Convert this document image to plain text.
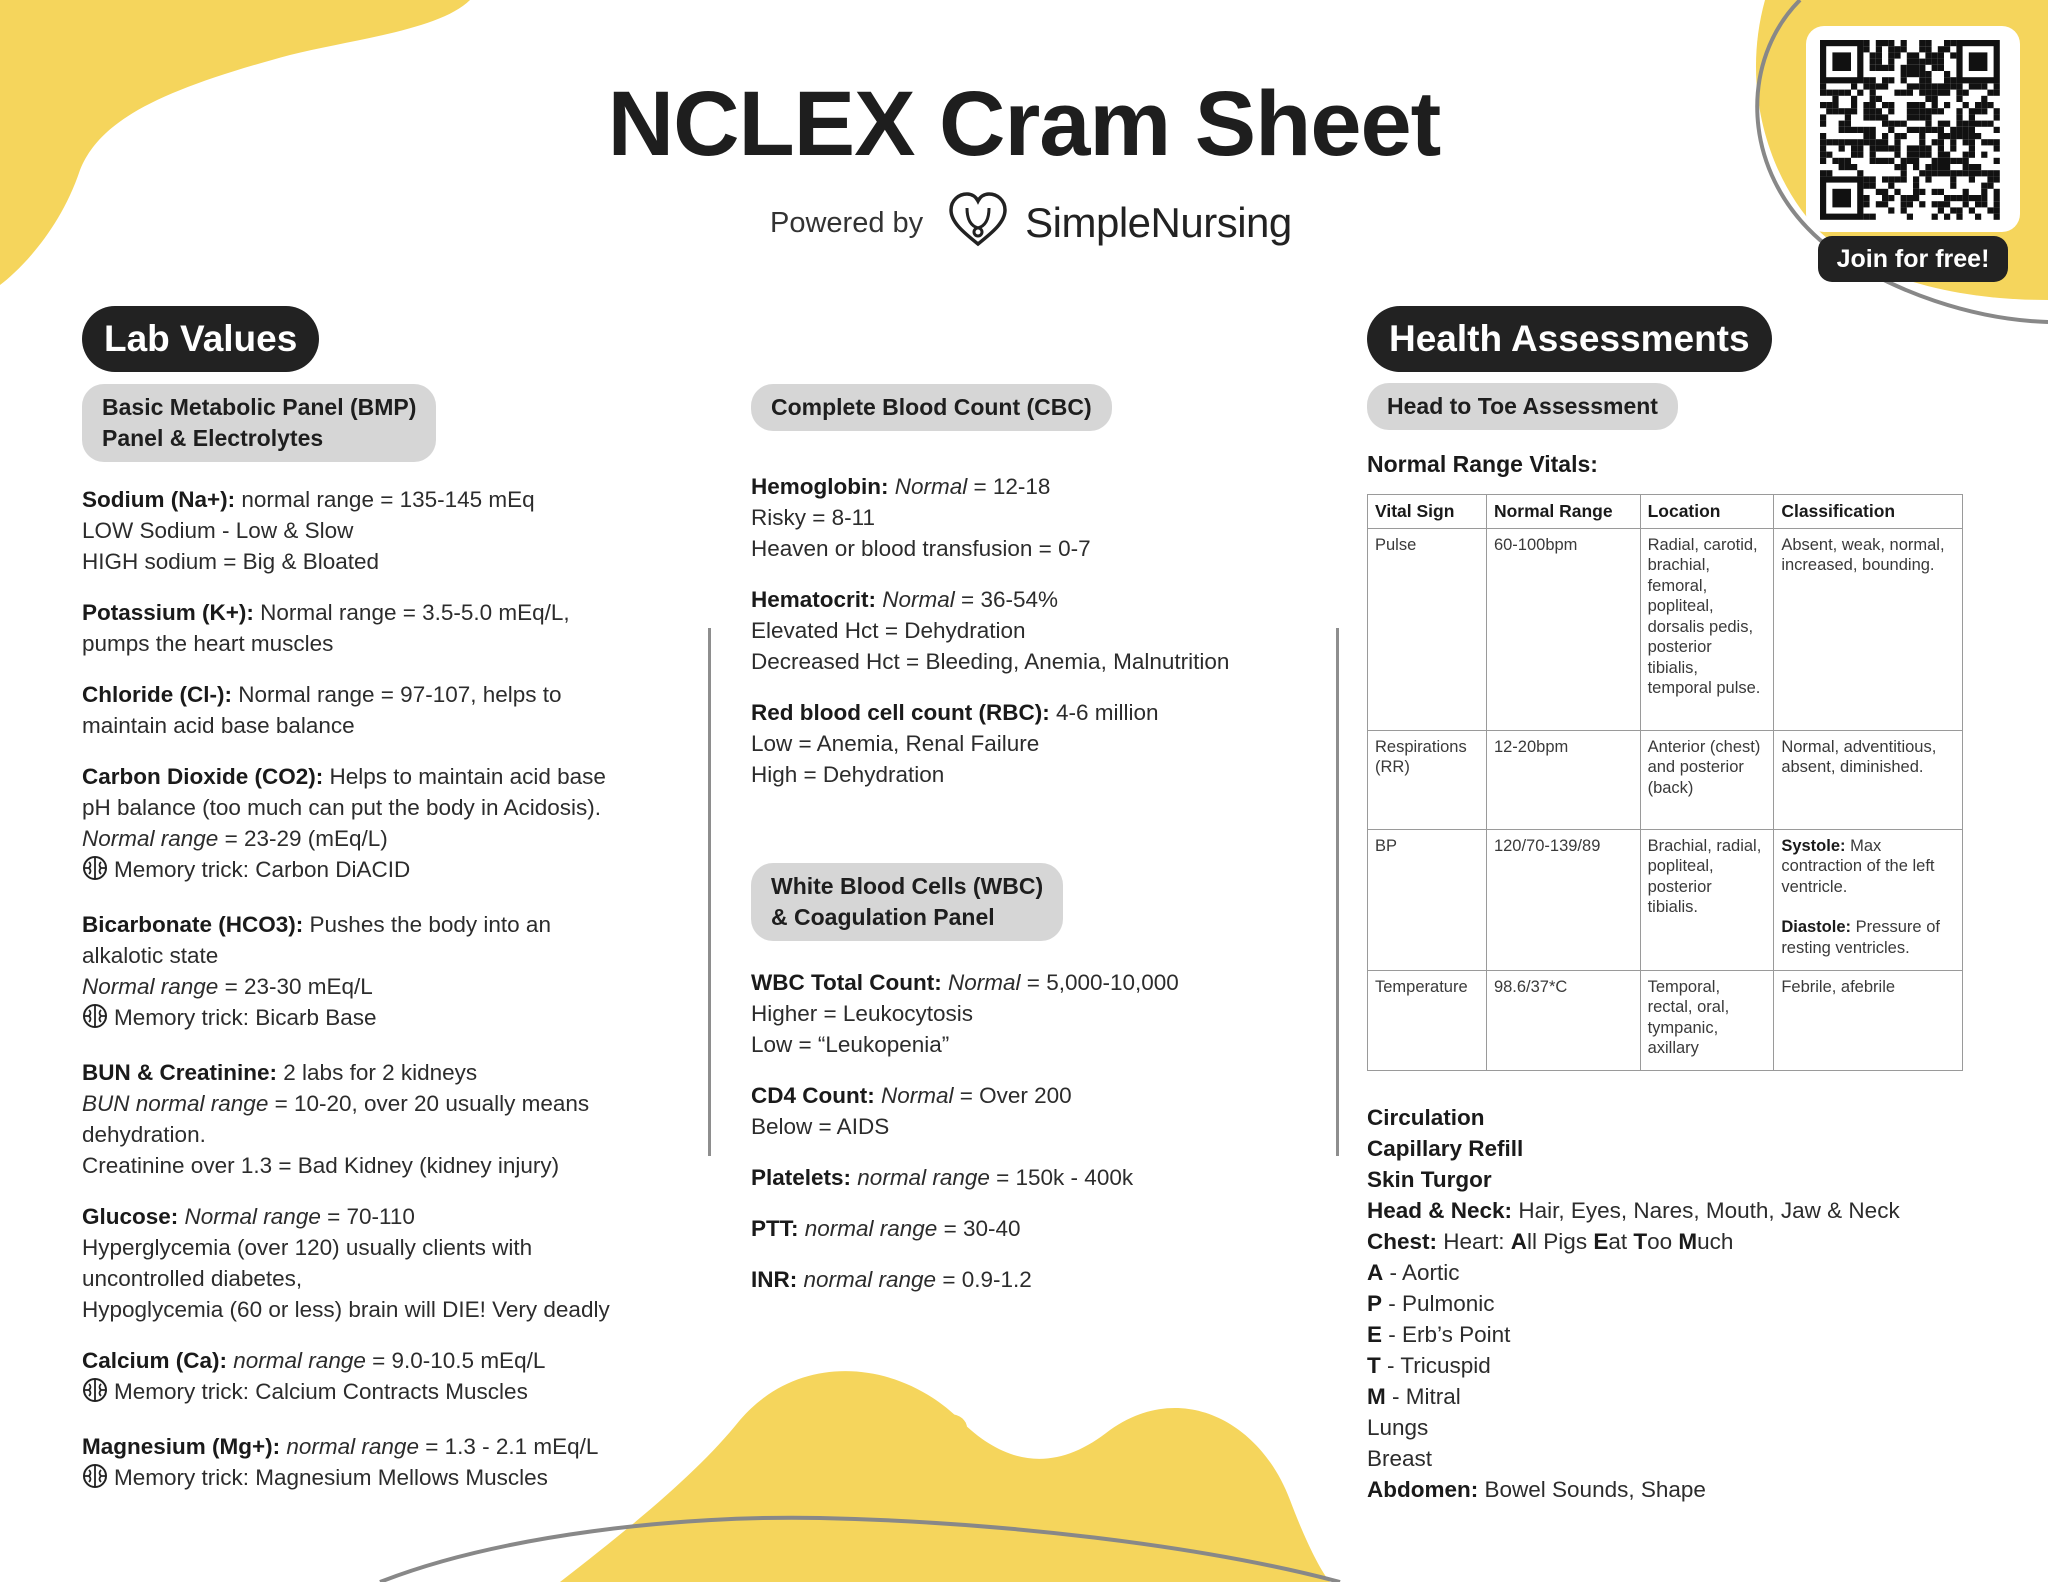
NCLEX Cram Sheet
Powered by SimpleNursing
Join for free!
Lab Values
Basic Metabolic Panel (BMP)
Panel & Electrolytes
Sodium (Na+): normal range = 135-145 mEq
LOW Sodium - Low & Slow
HIGH sodium = Big & Bloated
Potassium (K+): Normal range = 3.5-5.0 mEq/L,
pumps the heart muscles
Chloride (Cl-): Normal range = 97-107, helps to
maintain acid base balance
Carbon Dioxide (CO2): Helps to maintain acid base
pH balance (too much can put the body in Acidosis).
Normal range = 23-29 (mEq/L)
Memory trick: Carbon DiACID
Bicarbonate (HCO3): Pushes the body into an
alkalotic state
Normal range = 23-30 mEq/L
Memory trick: Bicarb Base
BUN & Creatinine: 2 labs for 2 kidneys
BUN normal range = 10-20, over 20 usually means
dehydration.
Creatinine over 1.3 = Bad Kidney (kidney injury)
Glucose: Normal range = 70-110
Hyperglycemia (over 120) usually clients with
uncontrolled diabetes,
Hypoglycemia (60 or less) brain will DIE! Very deadly
Calcium (Ca): normal range = 9.0-10.5 mEq/L
Memory trick: Calcium Contracts Muscles
Magnesium (Mg+): normal range = 1.3 - 2.1 mEq/L
Memory trick: Magnesium Mellows Muscles
Complete Blood Count (CBC)
Hemoglobin: Normal = 12-18
Risky = 8-11
Heaven or blood transfusion = 0-7
Hematocrit: Normal = 36-54%
Elevated Hct = Dehydration
Decreased Hct = Bleeding, Anemia, Malnutrition
Red blood cell count (RBC): 4-6 million
Low = Anemia, Renal Failure
High = Dehydration
White Blood Cells (WBC)
& Coagulation Panel
WBC Total Count: Normal = 5,000-10,000
Higher = Leukocytosis
Low = “Leukopenia”
CD4 Count: Normal = Over 200
Below = AIDS
Platelets: normal range = 150k - 400k
PTT: normal range = 30-40
INR: normal range = 0.9-1.2
Health Assessments
Head to Toe Assessment
Normal Range Vitals:
Vital Sign	Normal Range	Location	Classification
Pulse	60-100bpm	Radial, carotid, brachial, femoral, popliteal, dorsalis pedis, posterior tibialis, temporal pulse.	Absent, weak, normal, increased, bounding.
Respirations (RR)	12-20bpm	Anterior (chest) and posterior (back)	Normal, adventitious, absent, diminished.
BP	120/70-139/89	Brachial, radial, popliteal, posterior tibialis.	Systole: Max contraction of the left ventricle.
Diastole: Pressure of resting ventricles.
Temperature	98.6/37*C	Temporal, rectal, oral, tympanic, axillary	Febrile, afebrile
Circulation
Capillary Refill
Skin Turgor
Head & Neck: Hair, Eyes, Nares, Mouth, Jaw & Neck
Chest: Heart: All Pigs Eat Too Much
A - Aortic
P - Pulmonic
E - Erb’s Point
T - Tricuspid
M - Mitral
Lungs
Breast
Abdomen: Bowel Sounds, Shape
